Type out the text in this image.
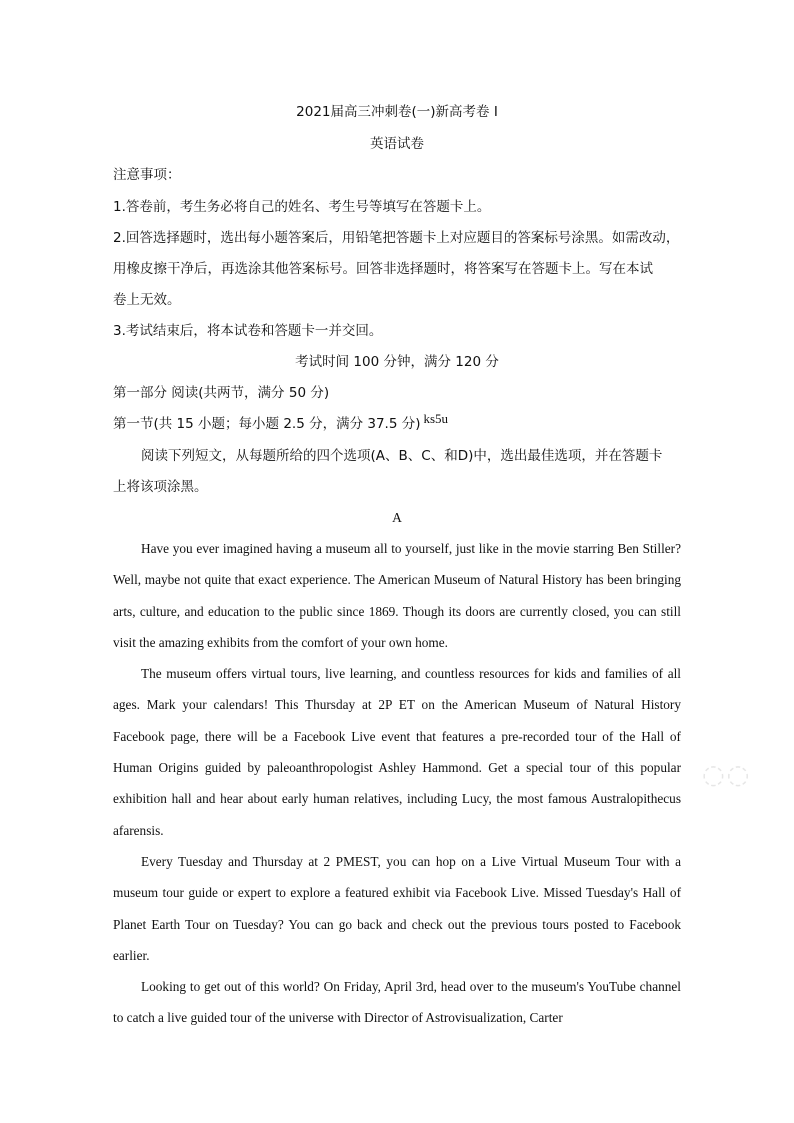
2021届高三冲刺卷(一)新高考卷 I
英语试卷
注意事项：
1.答卷前，考生务必将自己的姓名、考生号等填写在答题卡上。
2.回答选择题时，选出每小题答案后，用铅笔把答题卡上对应题目的答案标号涂黑。如需改动，
用橡皮擦干净后，再选涂其他答案标号。回答非选择题时，将答案写在答题卡上。写在本试
卷上无效。
3.考试结束后，将本试卷和答题卡一并交回。
考试时间 100 分钟，满分 120 分
第一部分 阅读(共两节，满分 50 分)
第一节(共 15 小题；每小题 2.5 分，满分 37.5 分) ks5u
阅读下列短文，从每题所给的四个选项(A、B、C、和D)中，选出最佳选项，并在答题卡
上将该项涂黑。
A

Have you ever imagined having a museum all to yourself, just like in the movie starring Ben Stiller? Well, maybe not quite that exact experience. The American Museum of Natural History has been bringing arts, culture, and education to the public since 1869. Though its doors are currently closed, you can still visit the amazing exhibits from the comfort of your own home.

The museum offers virtual tours, live learning, and countless resources for kids and families of all ages. Mark your calendars! This Thursday at 2P ET on the American Museum of Natural History Facebook page, there will be a Facebook Live event that features a pre-recorded tour of the Hall of Human Origins guided by paleoanthropologist Ashley Hammond. Get a special tour of this popular exhibition hall and hear about early human relatives, including Lucy, the most famous Australopithecus afarensis.

Every Tuesday and Thursday at 2 PMEST, you can hop on a Live Virtual Museum Tour with a museum tour guide or expert to explore a featured exhibit via Facebook Live. Missed Tuesday's Hall of Planet Earth Tour on Tuesday? You can go back and check out the previous tours posted to Facebook earlier.

Looking to get out of this world? On Friday, April 3rd, head over to the museum's YouTube channel to catch a live guided tour of the universe with Director of Astrovisualization, Carter

◌◌
